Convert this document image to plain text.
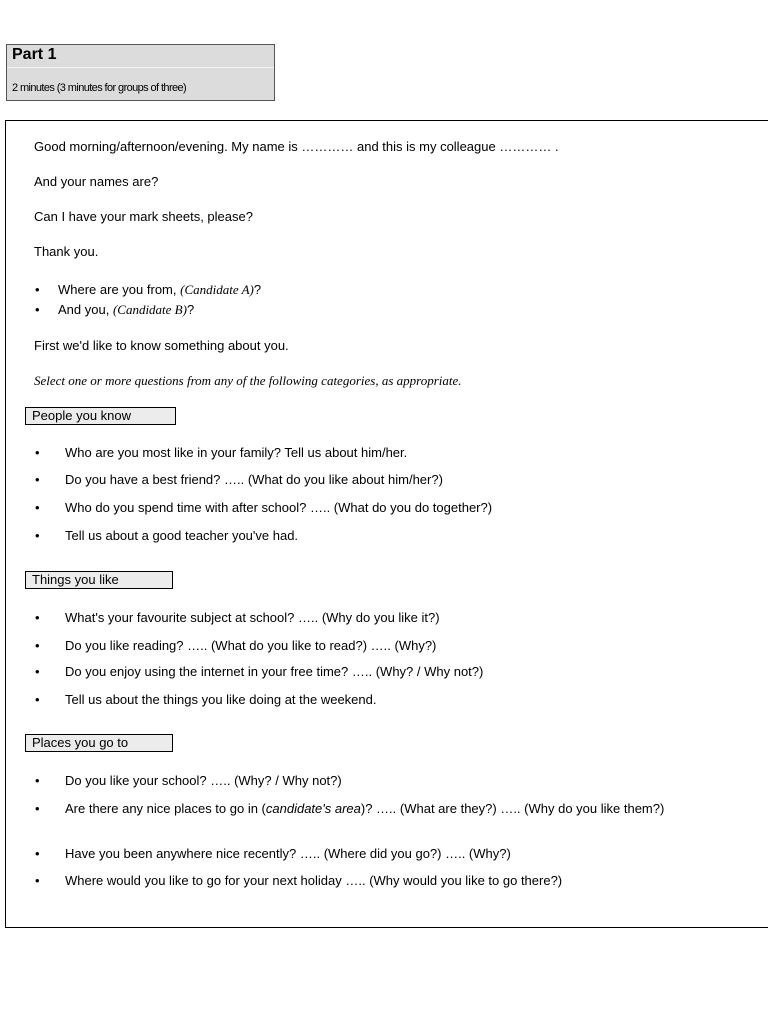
Part 1
2 minutes (3 minutes for groups of three)
Good morning/afternoon/evening. My name is ………… and this is my colleague ………… .
And your names are?
Can I have your mark sheets, please?
Thank you.
• Where are you from, (Candidate A)?
• And you, (Candidate B)?
First we'd like to know something about you.
Select one or more questions from any of the following categories, as appropriate.
People you know
• Who are you most like in your family? Tell us about him/her.
• Do you have a best friend? ….. (What do you like about him/her?)
• Who do you spend time with after school? ….. (What do you do together?)
• Tell us about a good teacher you've had.
Things you like
• What's your favourite subject at school? ….. (Why do you like it?)
• Do you like reading? ….. (What do you like to read?) ….. (Why?)
• Do you enjoy using the internet in your free time? ….. (Why? / Why not?)
• Tell us about the things you like doing at the weekend.
Places you go to
• Do you like your school? ….. (Why? / Why not?)
• Are there any nice places to go in (candidate's area)? ….. (What are they?) ….. (Why do you like them?)
• Have you been anywhere nice recently? ….. (Where did you go?) ….. (Why?)
• Where would you like to go for your next holiday ….. (Why would you like to go there?)
